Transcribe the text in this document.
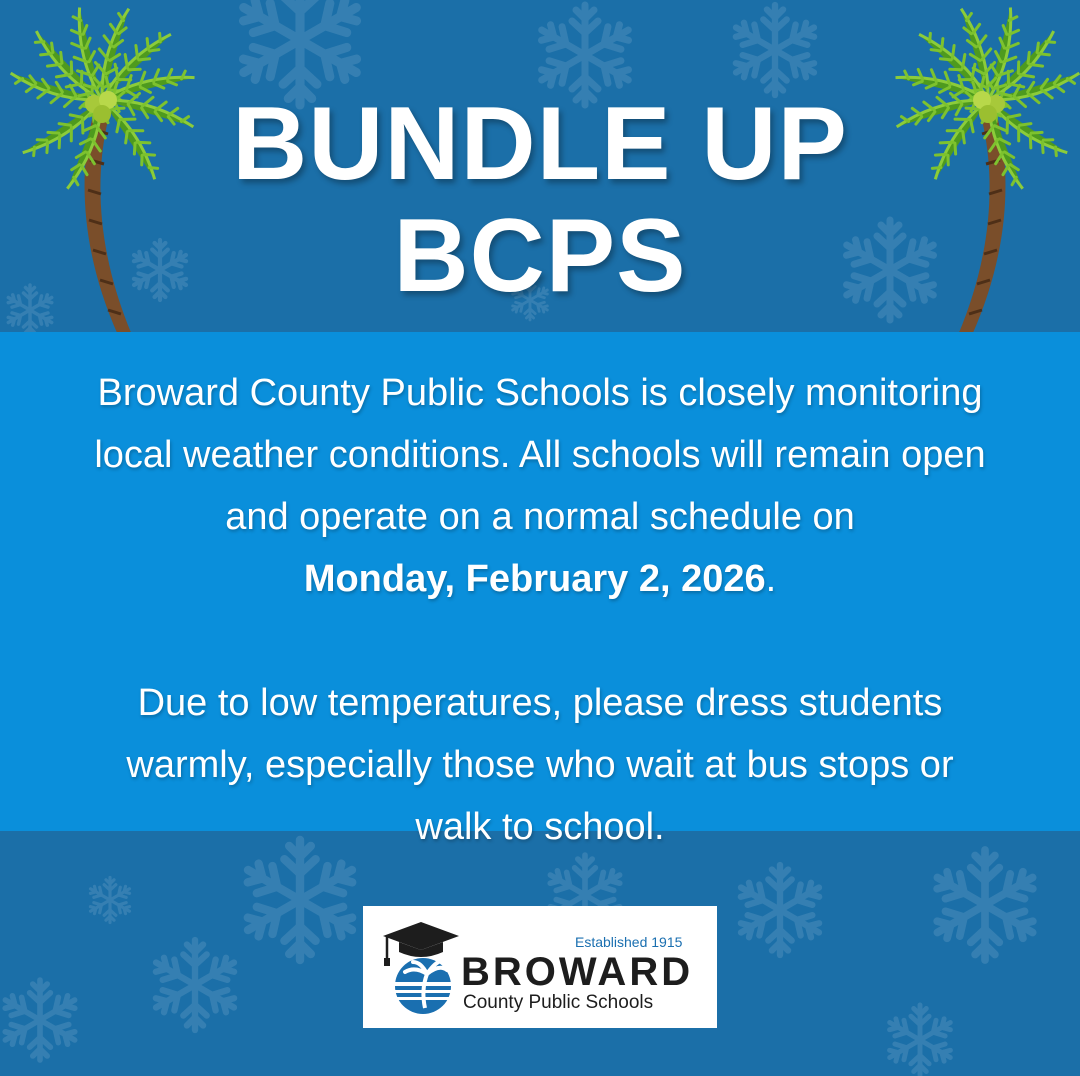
BUNDLE UP
BCPS

Broward County Public Schools is closely monitoring

local weather conditions. All schools will remain open

and operate on a normal schedule on

Monday, February 2, 2026.

Due to low temperatures, please dress students

warmly, especially those who wait at bus stops or

walk to school.

Established 1915
BROWARD
County Public Schools
